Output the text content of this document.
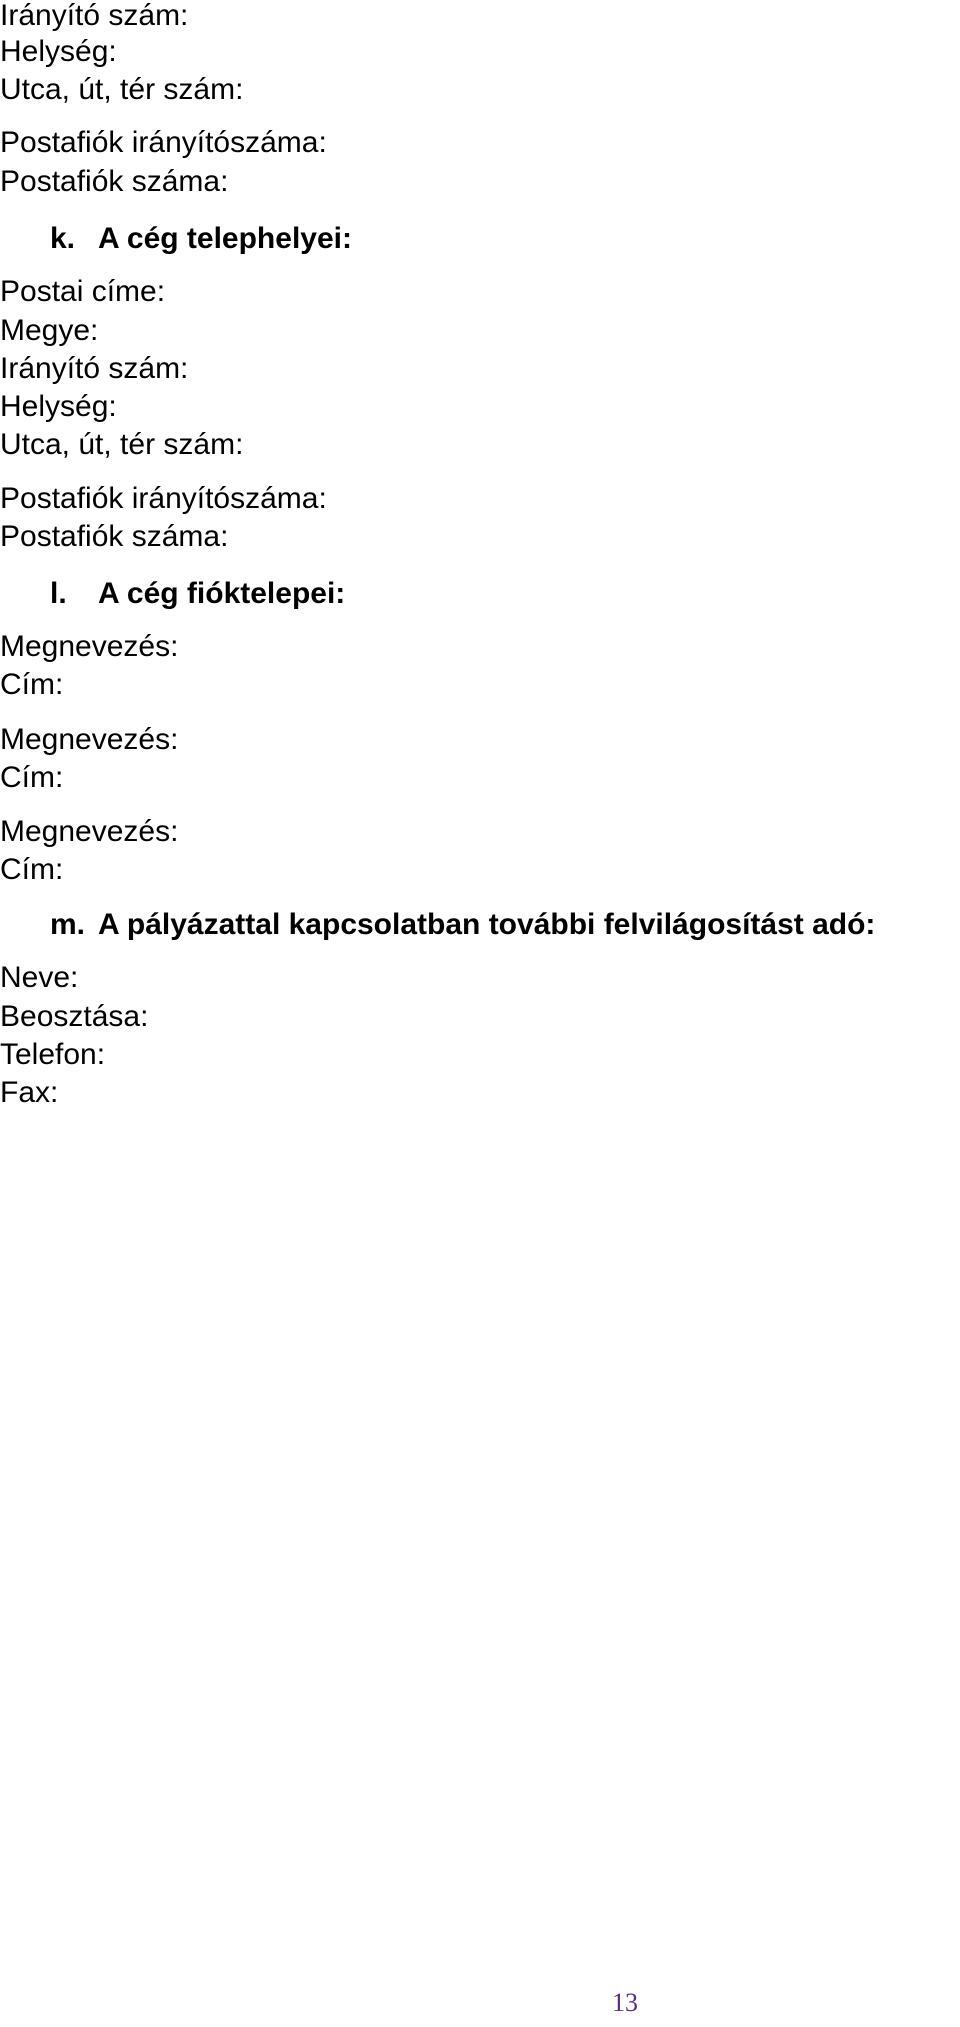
Irányító szám:
Helység:
Utca, út, tér szám:
Postafiók irányítószáma:
Postafiók száma:
k. A cég telephelyei:
Postai címe:
Megye:
Irányító szám:
Helység:
Utca, út, tér szám:
Postafiók irányítószáma:
Postafiók száma:
l. A cég fióktelepei:
Megnevezés:
Cím:
Megnevezés:
Cím:
Megnevezés:
Cím:
m. A pályázattal kapcsolatban további felvilágosítást adó:
Neve:
Beosztása:
Telefon:
Fax:
13
